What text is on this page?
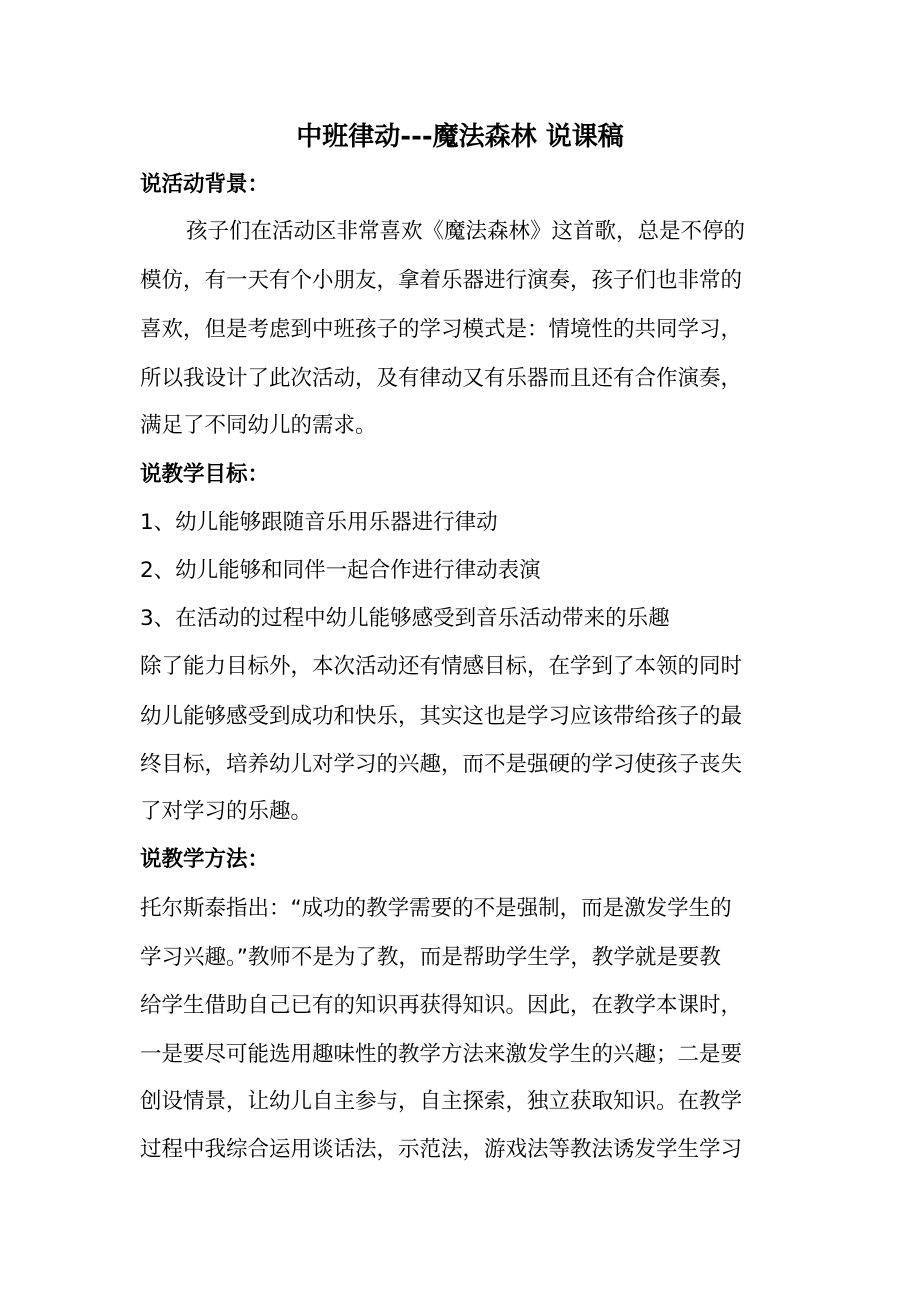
中班律动---魔法森林 说课稿
说活动背景：
孩子们在活动区非常喜欢《魔法森林》这首歌，总是不停的
模仿，有一天有个小朋友，拿着乐器进行演奏，孩子们也非常的
喜欢，但是考虑到中班孩子的学习模式是：情境性的共同学习，
所以我设计了此次活动，及有律动又有乐器而且还有合作演奏，
满足了不同幼儿的需求。
说教学目标：
1、幼儿能够跟随音乐用乐器进行律动
2、幼儿能够和同伴一起合作进行律动表演
3、在活动的过程中幼儿能够感受到音乐活动带来的乐趣
除了能力目标外，本次活动还有情感目标，在学到了本领的同时
幼儿能够感受到成功和快乐，其实这也是学习应该带给孩子的最
终目标，培养幼儿对学习的兴趣，而不是强硬的学习使孩子丧失
了对学习的乐趣。
说教学方法：
托尔斯泰指出：“成功的教学需要的不是强制，而是激发学生的
学习兴趣。”教师不是为了教，而是帮助学生学，教学就是要教
给学生借助自己已有的知识再获得知识。因此，在教学本课时，
一是要尽可能选用趣味性的教学方法来激发学生的兴趣；二是要
创设情景，让幼儿自主参与，自主探索，独立获取知识。在教学
过程中我综合运用谈话法，示范法，游戏法等教法诱发学生学习
